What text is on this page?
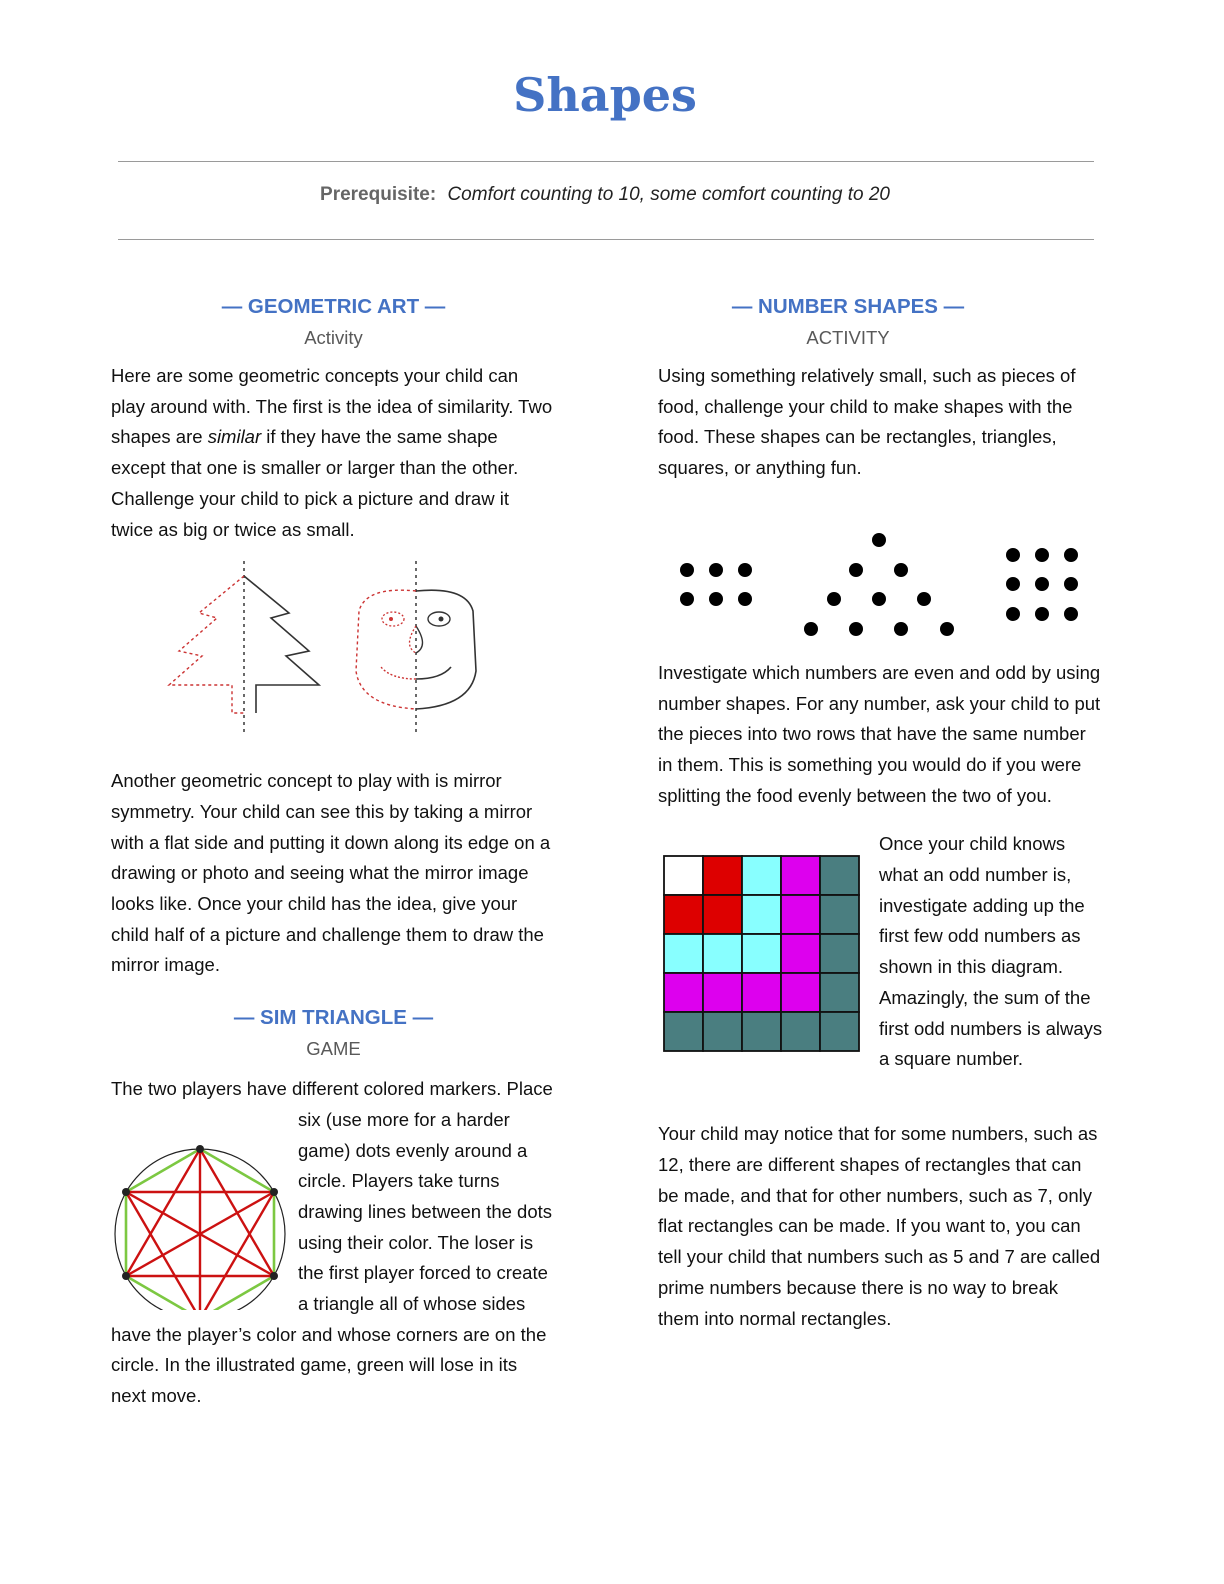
Shapes
Prerequisite: Comfort counting to 10, some comfort counting to 20
— GEOMETRIC ART —
Activity
Here are some geometric concepts your child can play around with. The first is the idea of similarity. Two shapes are similar if they have the same shape except that one is smaller or larger than the other. Challenge your child to pick a picture and draw it twice as big or twice as small.
Another geometric concept to play with is mirror symmetry. Your child can see this by taking a mirror with a flat side and putting it down along its edge on a drawing or photo and seeing what the mirror image looks like. Once your child has the idea, give your child half of a picture and challenge them to draw the mirror image.
— SIM TRIANGLE —
GAME
The two players have different colored markers. Place six (use more for a harder game) dots evenly around a circle. Players take turns drawing lines between the dots using their color. The loser is the first player forced to create a triangle all of whose sides have the player’s color and whose corners are on the circle. In the illustrated game, green will lose in its next move.
— NUMBER SHAPES —
ACTIVITY
Using something relatively small, such as pieces of food, challenge your child to make shapes with the food. These shapes can be rectangles, triangles, squares, or anything fun.
Investigate which numbers are even and odd by using number shapes. For any number, ask your child to put the pieces into two rows that have the same number in them. This is something you would do if you were splitting the food evenly between the two of you.
Once your child knows what an odd number is, investigate adding up the first few odd numbers as shown in this diagram. Amazingly, the sum of the first odd numbers is always a square number.
Your child may notice that for some numbers, such as 12, there are different shapes of rectangles that can be made, and that for other numbers, such as 7, only flat rectangles can be made. If you want to, you can tell your child that numbers such as 5 and 7 are called prime numbers because there is no way to break them into normal rectangles.
